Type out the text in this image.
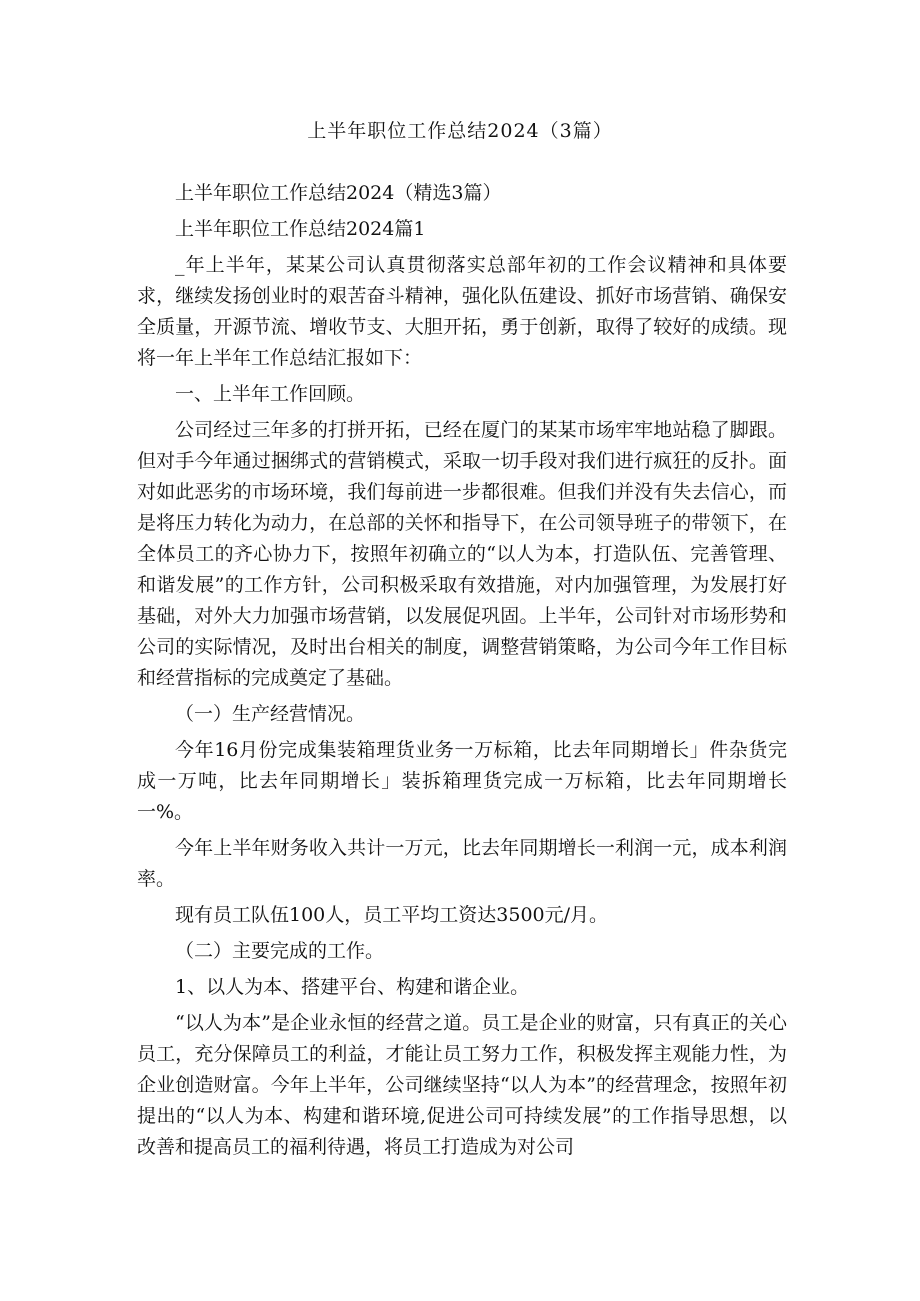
上半年职位工作总结2024（3篇）

上半年职位工作总结2024（精选3篇）

上半年职位工作总结2024篇1

_年上半年，某某公司认真贯彻落实总部年初的工作会议精神和具体要求，继续发扬创业时的艰苦奋斗精神，强化队伍建设、抓好市场营销、确保安全质量，开源节流、增收节支、大胆开拓，勇于创新，取得了较好的成绩。现将一年上半年工作总结汇报如下：

一、上半年工作回顾。

公司经过三年多的打拼开拓，已经在厦门的某某市场牢牢地站稳了脚跟。但对手今年通过捆绑式的营销模式，采取一切手段对我们进行疯狂的反扑。面对如此恶劣的市场环境，我们每前进一步都很难。但我们并没有失去信心，而是将压力转化为动力，在总部的关怀和指导下，在公司领导班子的带领下，在全体员工的齐心协力下，按照年初确立的“以人为本，打造队伍、完善管理、和谐发展”的工作方针，公司积极采取有效措施，对内加强管理，为发展打好基础，对外大力加强市场营销，以发展促巩固。上半年，公司针对市场形势和公司的实际情况，及时出台相关的制度，调整营销策略，为公司今年工作目标和经营指标的完成奠定了基础。

（一）生产经营情况。

今年16月份完成集装箱理货业务一万标箱，比去年同期增长」件杂货完成一万吨，比去年同期增长」装拆箱理货完成一万标箱，比去年同期增长一%。

今年上半年财务收入共计一万元，比去年同期增长一利润一元，成本利润率。

现有员工队伍100人，员工平均工资达3500元/月。

（二）主要完成的工作。

1、以人为本、搭建平台、构建和谐企业。

“以人为本”是企业永恒的经营之道。员工是企业的财富，只有真正的关心员工，充分保障员工的利益，才能让员工努力工作，积极发挥主观能力性，为企业创造财富。今年上半年，公司继续坚持“以人为本”的经营理念，按照年初提出的“以人为本、构建和谐环境,促进公司可持续发展”的工作指导思想，以改善和提高员工的福利待遇，将员工打造成为对公司
